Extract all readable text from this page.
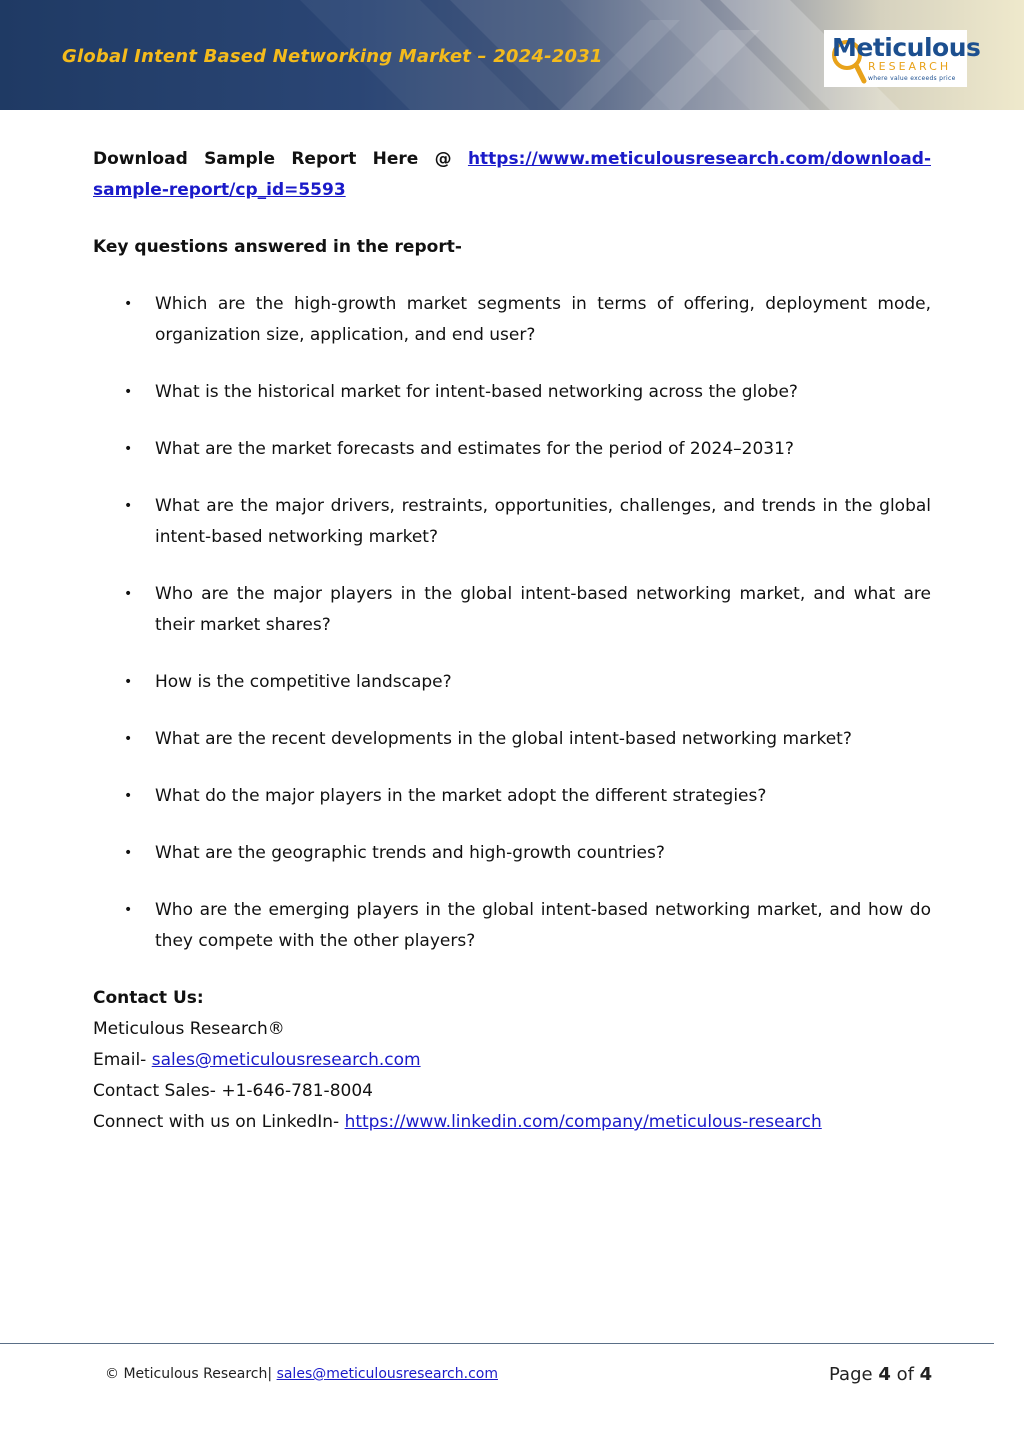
Global Intent Based Networking Market – 2024-2031	Meticulous
RESEARCH
where value exceeds price

Download Sample Report Here @ https://www.meticulousresearch.com/download-sample-report/cp_id=5593

Key questions answered in the report-

• Which are the high-growth market segments in terms of offering, deployment mode, organization size, application, and end user?
• What is the historical market for intent-based networking across the globe?
• What are the market forecasts and estimates for the period of 2024–2031?
• What are the major drivers, restraints, opportunities, challenges, and trends in the global intent-based networking market?
• Who are the major players in the global intent-based networking market, and what are their market shares?
• How is the competitive landscape?
• What are the recent developments in the global intent-based networking market?
• What do the major players in the market adopt the different strategies?
• What are the geographic trends and high-growth countries?
• Who are the emerging players in the global intent-based networking market, and how do they compete with the other players?
Contact Us:
Meticulous Research®
Email- sales@meticulousresearch.com
Contact Sales- +1-646-781-8004
Connect with us on LinkedIn- https://www.linkedin.com/company/meticulous-research
© Meticulous Research| sales@meticulousresearch.com	Page 4 of 4
